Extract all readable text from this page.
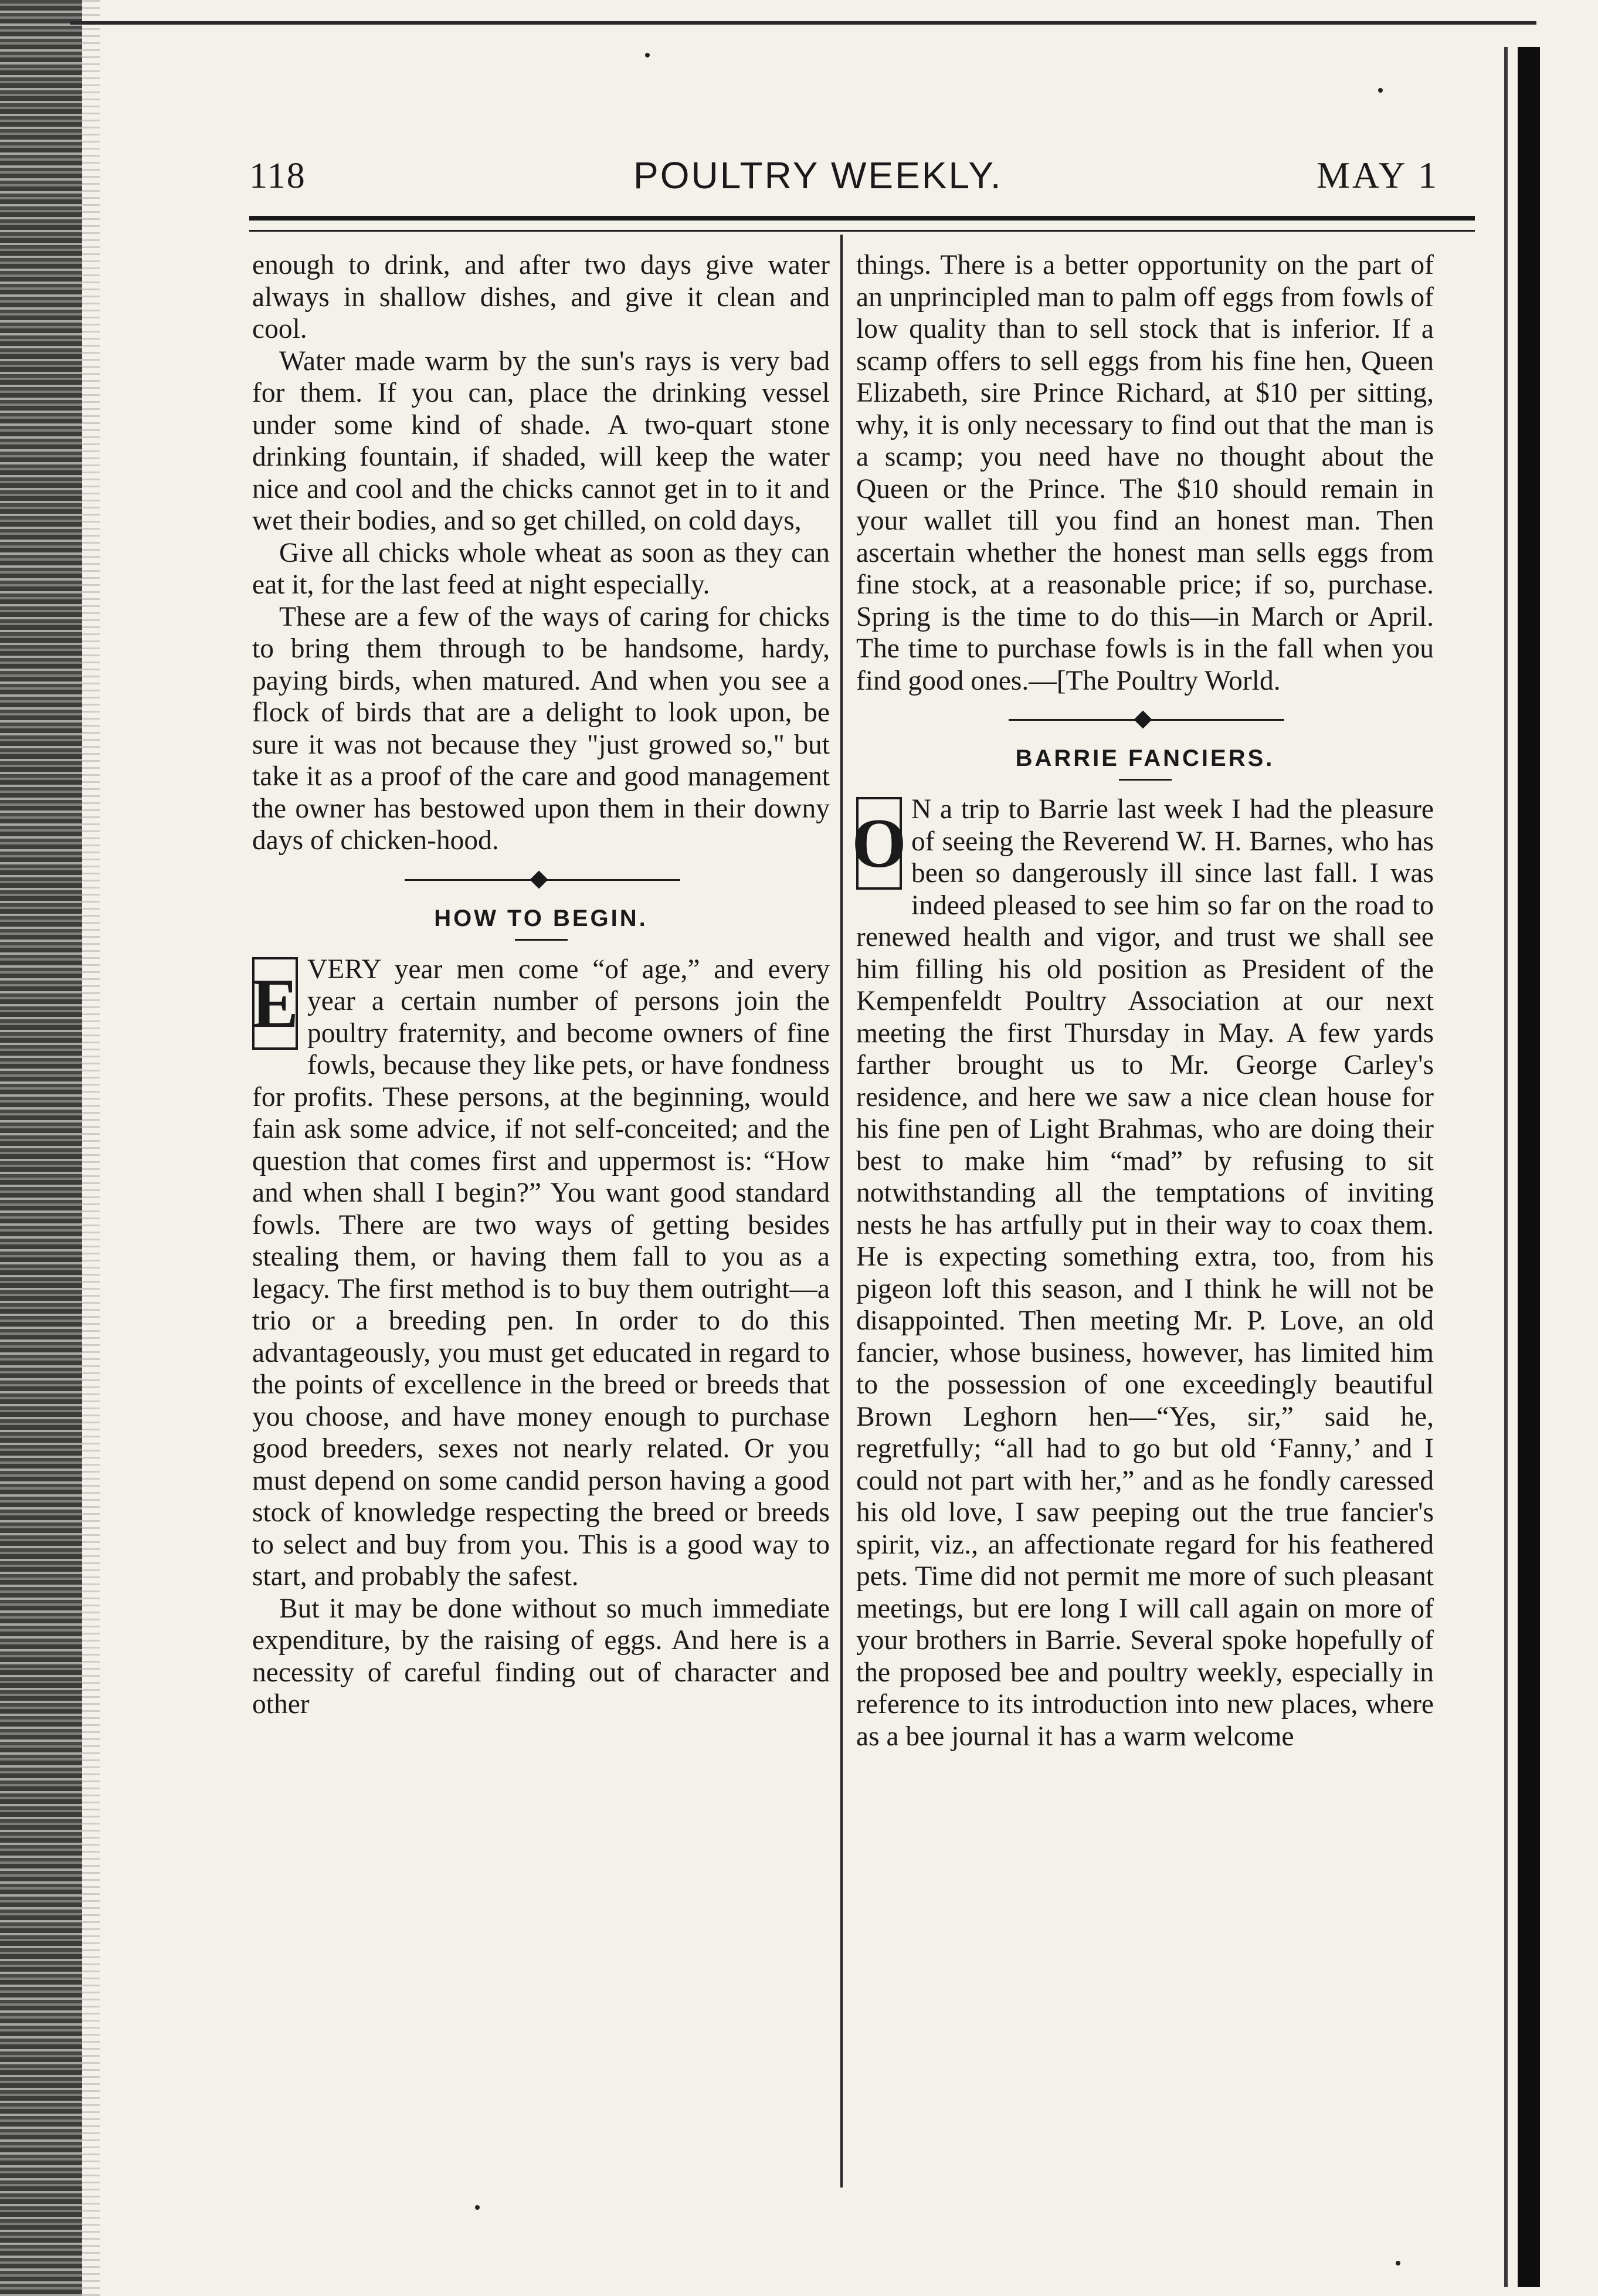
118	POULTRY WEEKLY.	MAY 1

enough to drink, and after two days give water always in shallow dishes, and give it clean and cool.

Water made warm by the sun's rays is very bad for them. If you can, place the drinking vessel under some kind of shade. A two-quart stone drinking fountain, if shaded, will keep the water nice and cool and the chicks cannot get in to it and wet their bodies, and so get chilled, on cold days,

Give all chicks whole wheat as soon as they can eat it, for the last feed at night especially.

These are a few of the ways of caring for chicks to bring them through to be handsome, hardy, paying birds, when matured. And when you see a flock of birds that are a delight to look upon, be sure it was not because they "just growed so," but take it as a proof of the care and good management the owner has bestowed upon them in their downy days of chicken-hood.

HOW TO BEGIN.
E VERY year men come “of age,” and every year a certain number of persons join the poultry fraternity, and become owners of fine fowls, because they like pets, or have fondness for profits. These persons, at the beginning, would fain ask some advice, if not self-conceited; and the question that comes first and uppermost is: “How and when shall I begin?” You want good standard fowls. There are two ways of getting besides stealing them, or having them fall to you as a legacy. The first method is to buy them outright—a trio or a breeding pen. In order to do this advantageously, you must get educated in regard to the points of excellence in the breed or breeds that you choose, and have money enough to purchase good breeders, sexes not nearly related. Or you must depend on some candid person having a good stock of knowledge respecting the breed or breeds to select and buy from you. This is a good way to start, and probably the safest.

But it may be done without so much immediate expenditure, by the raising of eggs. And here is a necessity of careful finding out of character and other

things. There is a better opportunity on the part of an unprincipled man to palm off eggs from fowls of low quality than to sell stock that is inferior. If a scamp offers to sell eggs from his fine hen, Queen Elizabeth, sire Prince Richard, at $10 per sitting, why, it is only necessary to find out that the man is a scamp; you need have no thought about the Queen or the Prince. The $10 should remain in your wallet till you find an honest man. Then ascertain whether the honest man sells eggs from fine stock, at a reasonable price; if so, purchase. Spring is the time to do this—in March or April. The time to purchase fowls is in the fall when you find good ones.—[The Poultry World.

BARRIE FANCIERS.
O N a trip to Barrie last week I had the pleasure of seeing the Reverend W. H. Barnes, who has been so dangerously ill since last fall. I was indeed pleased to see him so far on the road to renewed health and vigor, and trust we shall see him filling his old position as President of the Kempenfeldt Poultry Association at our next meeting the first Thursday in May. A few yards farther brought us to Mr. George Carley's residence, and here we saw a nice clean house for his fine pen of Light Brahmas, who are doing their best to make him “mad” by refusing to sit notwithstanding all the temptations of inviting nests he has artfully put in their way to coax them. He is expecting something extra, too, from his pigeon loft this season, and I think he will not be disappointed. Then meeting Mr. P. Love, an old fancier, whose business, however, has limited him to the possession of one exceedingly beautiful Brown Leghorn hen—“Yes, sir,” said he, regretfully; “all had to go but old ‘Fanny,’ and I could not part with her,” and as he fondly caressed his old love, I saw peeping out the true fancier's spirit, viz., an affectionate regard for his feathered pets. Time did not permit me more of such pleasant meetings, but ere long I will call again on more of your brothers in Barrie. Several spoke hopefully of the proposed bee and poultry weekly, especially in reference to its introduction into new places, where as a bee journal it has a warm welcome
